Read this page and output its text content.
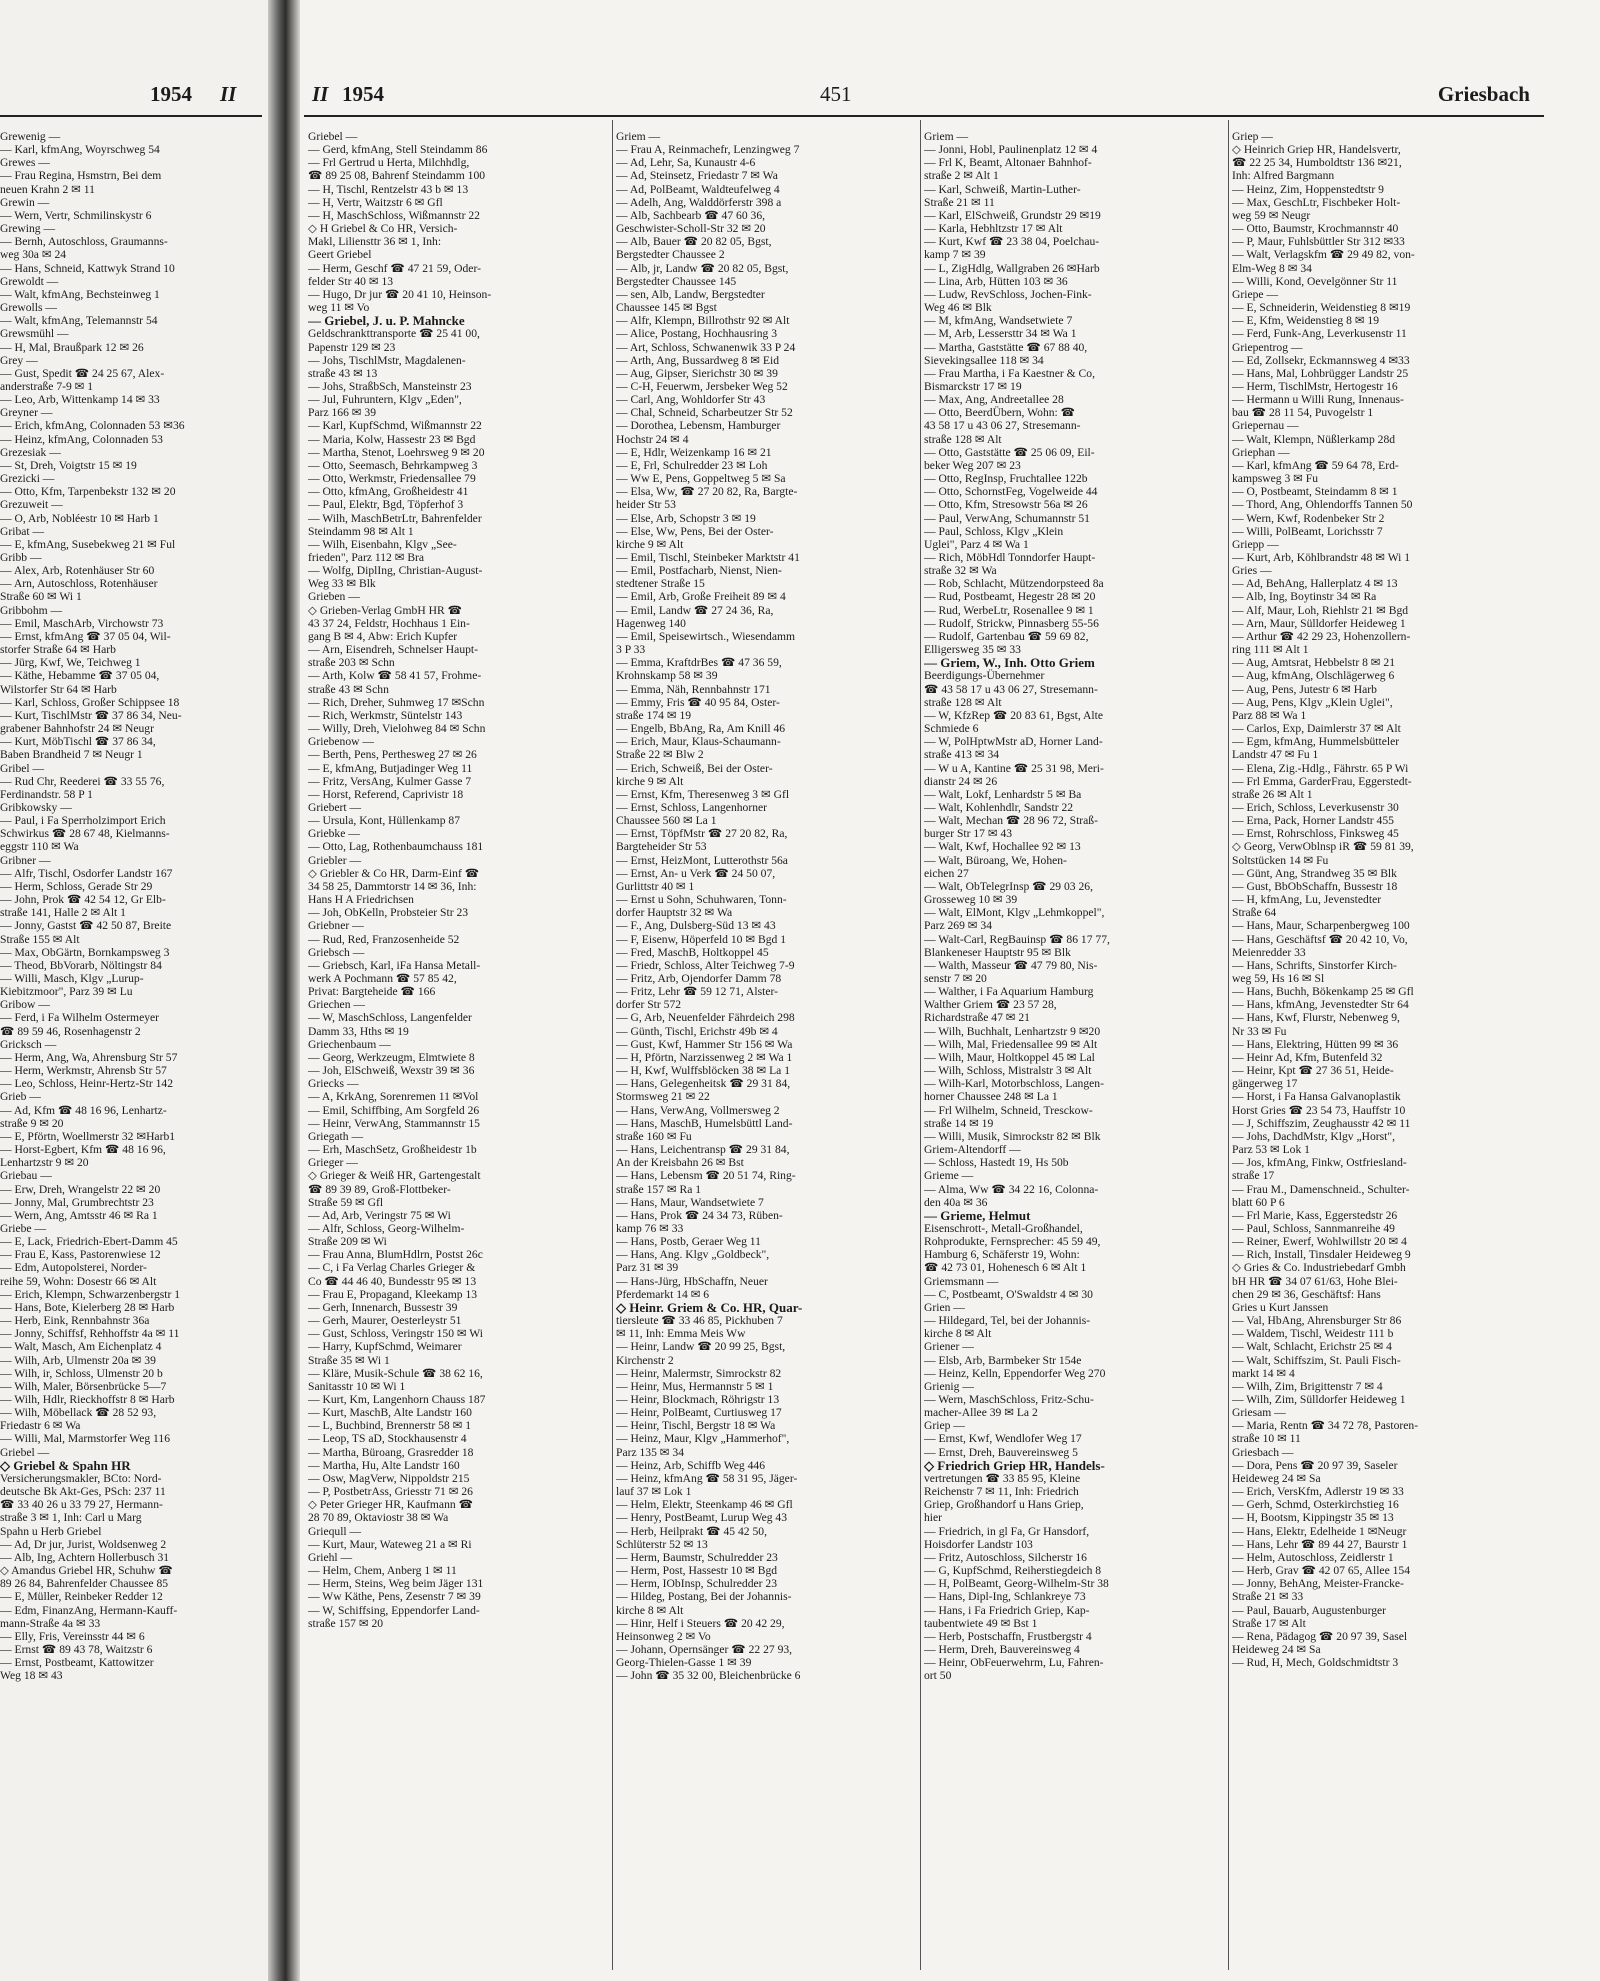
1954 II
Grewenig —
— Karl, kfmAng, Woyrschweg 54
Grewes —
— Frau Regina, Hsmstrn, Bei dem
neuen Krahn 2 ✉ 11
Grewin —
— Wern, Vertr, Schmilinskystr 6
Grewing —
— Bernh, Autoschloss, Graumanns-
weg 30a ✉ 24
— Hans, Schneid, Kattwyk Strand 10
Grewoldt —
— Walt, kfmAng, Bechsteinweg 1
Grewolls —
— Walt, kfmAng, Telemannstr 54
Grewsmühl —
— H, Mal, Braußpark 12 ✉ 26
Grey —
— Gust, Spedit ☎ 24 25 67, Alex-
anderstraße 7-9 ✉ 1
— Leo, Arb, Wittenkamp 14 ✉ 33
Greyner —
— Erich, kfmAng, Colonnaden 53 ✉36
— Heinz, kfmAng, Colonnaden 53
Grezesiak —
— St, Dreh, Voigtstr 15 ✉ 19
Grezicki —
— Otto, Kfm, Tarpenbekstr 132 ✉ 20
Grezuweit —
— O, Arb, Nobléestr 10 ✉ Harb 1
Gribat —
— E, kfmAng, Susebekweg 21 ✉ Ful
Gribb —
— Alex, Arb, Rotenhäuser Str 60
— Arn, Autoschloss, Rotenhäuser
Straße 60 ✉ Wi 1
Gribbohm —
— Emil, MaschArb, Virchowstr 73
— Ernst, kfmAng ☎ 37 05 04, Wil-
storfer Straße 64 ✉ Harb
— Jürg, Kwf, We, Teichweg 1
— Käthe, Hebamme ☎ 37 05 04,
Wilstorfer Str 64 ✉ Harb
— Karl, Schloss, Großer Schippsee 18
— Kurt, TischlMstr ☎ 37 86 34, Neu-
grabener Bahnhofstr 24 ✉ Neugr
— Kurt, MöbTischl ☎ 37 86 34,
Baben Brandheid 7 ✉ Neugr 1
Gribel —
— Rud Chr, Reederei ☎ 33 55 76,
Ferdinandstr. 58 P 1
Gribkowsky —
— Paul, i Fa Sperrholzimport Erich
Schwirkus ☎ 28 67 48, Kielmanns-
eggstr 110 ✉ Wa
Gribner —
— Alfr, Tischl, Osdorfer Landstr 167
— Herm, Schloss, Gerade Str 29
— John, Prok ☎ 42 54 12, Gr Elb-
straße 141, Halle 2 ✉ Alt 1
— Jonny, Gastst ☎ 42 50 87, Breite
Straße 155 ✉ Alt
— Max, ObGärtn, Bornkampsweg 3
— Theod, BbVorarb, Nöltingstr 84
— Willi, Masch, Klgv „Lurup-
Kiebitzmoor", Parz 39 ✉ Lu
Gribow —
— Ferd, i Fa Wilhelm Ostermeyer
☎ 89 59 46, Rosenhagenstr 2
Gricksch —
— Herm, Ang, Wa, Ahrensburg Str 57
— Herm, Werkmstr, Ahrensb Str 57
— Leo, Schloss, Heinr-Hertz-Str 142
Grieb —
— Ad, Kfm ☎ 48 16 96, Lenhartz-
straße 9 ✉ 20
— E, Pförtn, Woellmerstr 32 ✉Harb1
— Horst-Egbert, Kfm ☎ 48 16 96,
Lenhartzstr 9 ✉ 20
Griebau —
— Erw, Dreh, Wrangelstr 22 ✉ 20
— Jonny, Mal, Grumbrechtstr 23
— Wern, Ang, Amtsstr 46 ✉ Ra 1
Griebe —
— E, Lack, Friedrich-Ebert-Damm 45
— Frau E, Kass, Pastorenwiese 12
— Edm, Autopolsterei, Norder-
reihe 59, Wohn: Dosestr 66 ✉ Alt
— Erich, Klempn, Schwarzenbergstr 1
— Hans, Bote, Kielerberg 28 ✉ Harb
— Herb, Eink, Rennbahnstr 36a
— Jonny, Schiffsf, Rehhoffstr 4a ✉ 11
— Walt, Masch, Am Eichenplatz 4
— Wilh, Arb, Ulmenstr 20a ✉ 39
— Wilh, ir, Schloss, Ulmenstr 20 b
— Wilh, Maler, Börsenbrücke 5—7
— Wilh, Hdlr, Rieckhoffstr 8 ✉ Harb
— Wilh, Möbellack ☎ 28 52 93,
Friedastr 6 ✉ Wa
— Willi, Mal, Marmstorfer Weg 116
Griebel —
◇ Griebel & Spahn HR
Versicherungsmakler, BCto: Nord-
deutsche Bk Akt-Ges, PSch: 237 11
☎ 33 40 26 u 33 79 27, Hermann-
straße 3 ✉ 1, Inh: Carl u Marg
Spahn u Herb Griebel
— Ad, Dr jur, Jurist, Woldsenweg 2
— Alb, Ing, Achtern Hollerbusch 31
◇ Amandus Griebel HR, Schuhw ☎
89 26 84, Bahrenfelder Chaussee 85
— E, Müller, Reinbeker Redder 12
— Edm, FinanzAng, Hermann-Kauff-
mann-Straße 4a ✉ 33
— Elly, Fris, Vereinsstr 44 ✉ 6
— Ernst ☎ 89 43 78, Waitzstr 6
— Ernst, Postbeamt, Kattowitzer
Weg 18 ✉ 43
II 1954	451	Griesbach
Griebel —
— Gerd, kfmAng, Stell Steindamm 86
— Frl Gertrud u Herta, Milchhdlg,
☎ 89 25 08, Bahrenf Steindamm 100
— H, Tischl, Rentzelstr 43 b ✉ 13
— H, Vertr, Waitzstr 6 ✉ Gfl
— H, MaschSchloss, Wißmannstr 22
◇ H Griebel & Co HR, Versich-
Makl, Liliensttr 36 ✉ 1, Inh:
Geert Griebel
— Herm, Geschf ☎ 47 21 59, Oder-
felder Str 40 ✉ 13
— Hugo, Dr jur ☎ 20 41 10, Heinson-
weg 11 ✉ Vo
— Griebel, J. u. P. Mahncke
Geldschrankttransporte ☎ 25 41 00,
Papenstr 129 ✉ 23
— Johs, TischlMstr, Magdalenen-
straße 43 ✉ 13
— Johs, StraßbSch, Mansteinstr 23
— Jul, Fuhruntern, Klgv „Eden",
Parz 166 ✉ 39
— Karl, KupfSchmd, Wißmannstr 22
— Maria, Kolw, Hassestr 23 ✉ Bgd
— Martha, Stenot, Loehrsweg 9 ✉ 20
— Otto, Seemasch, Behrkampweg 3
— Otto, Werkmstr, Friedensallee 79
— Otto, kfmAng, Großheidestr 41
— Paul, Elektr, Bgd, Töpferhof 3
— Wilh, MaschBetrLtr, Bahrenfelder
Steindamm 98 ✉ Alt 1
— Wilh, Eisenbahn, Klgv „See-
frieden", Parz 112 ✉ Bra
— Wolfg, DiplIng, Christian-August-
Weg 33 ✉ Blk
Grieben —
◇ Grieben-Verlag GmbH HR ☎
43 37 24, Feldstr, Hochhaus 1 Ein-
gang B ✉ 4, Abw: Erich Kupfer
— Arn, Eisendreh, Schnelser Haupt-
straße 203 ✉ Schn
— Arth, Kolw ☎ 58 41 57, Frohme-
straße 43 ✉ Schn
— Rich, Dreher, Suhmweg 17 ✉Schn
— Rich, Werkmstr, Süntelstr 143
— Willy, Dreh, Vielohweg 84 ✉ Schn
Griebenow —
— Berth, Pens, Perthesweg 27 ✉ 26
— E, kfmAng, Butjadinger Weg 11
— Fritz, VersAng, Kulmer Gasse 7
— Horst, Referend, Caprivistr 18
Griebert —
— Ursula, Kont, Hüllenkamp 87
Griebke —
— Otto, Lag, Rothenbaumchauss 181
Griebler —
◇ Griebler & Co HR, Darm-Einf ☎
34 58 25, Dammtorstr 14 ✉ 36, Inh:
Hans H A Friedrichsen
— Joh, ObKelln, Probsteier Str 23
Griebner —
— Rud, Red, Franzosenheide 52
Griebsch —
— Griebsch, Karl, iFa Hansa Metall-
werk A Pochmann ☎ 57 85 42,
Privat: Bargteheide ☎ 166
Griechen —
— W, MaschSchloss, Langenfelder
Damm 33, Hths ✉ 19
Griechenbaum —
— Georg, Werkzeugm, Elmtwiete 8
— Joh, ElSchweiß, Wexstr 39 ✉ 36
Griecks —
— A, KrkAng, Sorenremen 11 ✉Vol
— Emil, Schiffbing, Am Sorgfeld 26
— Heinr, VerwAng, Stammannstr 15
Griegath —
— Erh, MaschSetz, Großheidestr 1b
Grieger —
◇ Grieger & Weiß HR, Gartengestalt
☎ 89 39 89, Groß-Flottbeker-
Straße 59 ✉ Gfl
— Ad, Arb, Veringstr 75 ✉ Wi
— Alfr, Schloss, Georg-Wilhelm-
Straße 209 ✉ Wi
— Frau Anna, BlumHdlrn, Postst 26c
— C, i Fa Verlag Charles Grieger &
Co ☎ 44 46 40, Bundesstr 95 ✉ 13
— Frau E, Propagand, Kleekamp 13
— Gerh, Innenarch, Bussestr 39
— Gerh, Maurer, Oesterleystr 51
— Gust, Schloss, Veringstr 150 ✉ Wi
— Harry, KupfSchmd, Weimarer
Straße 35 ✉ Wi 1
— Kläre, Musik-Schule ☎ 38 62 16,
Sanitasstr 10 ✉ Wi 1
— Kurt, Km, Langenhorn Chauss 187
— Kurt, MaschB, Alte Landstr 160
— L, Buchbind, Brennerstr 58 ✉ 1
— Leop, TS aD, Stockhausenstr 4
— Martha, Büroang, Grasredder 18
— Martha, Hu, Alte Landstr 160
— Osw, MagVerw, Nippoldstr 215
— P, PostbetrAss, Griesstr 71 ✉ 26
◇ Peter Grieger HR, Kaufmann ☎
28 70 89, Oktaviostr 38 ✉ Wa
Griequll —
— Kurt, Maur, Wateweg 21 a ✉ Ri
Griehl —
— Helm, Chem, Anberg 1 ✉ 11
— Herm, Steins, Weg beim Jäger 131
— Ww Käthe, Pens, Zesenstr 7 ✉ 39
— W, Schiffsing, Eppendorfer Land-
straße 157 ✉ 20
Griem —
— Frau A, Reinmachefr, Lenzingweg 7
— Ad, Lehr, Sa, Kunaustr 4-6
— Ad, Steinsetz, Friedastr 7 ✉ Wa
— Ad, PolBeamt, Waldteufelweg 4
— Adelh, Ang, Walddörferstr 398 a
— Alb, Sachbearb ☎ 47 60 36,
Geschwister-Scholl-Str 32 ✉ 20
— Alb, Bauer ☎ 20 82 05, Bgst,
Bergstedter Chaussee 2
— Alb, jr, Landw ☎ 20 82 05, Bgst,
Bergstedter Chaussee 145
— sen, Alb, Landw, Bergstedter
Chaussee 145 ✉ Bgst
— Alfr, Klempn, Billrothstr 92 ✉ Alt
— Alice, Postang, Hochhausring 3
— Art, Schloss, Schwanenwik 33 P 24
— Arth, Ang, Bussardweg 8 ✉ Eid
— Aug, Gipser, Sierichstr 30 ✉ 39
— C-H, Feuerwm, Jersbeker Weg 52
— Carl, Ang, Wohldorfer Str 43
— Chal, Schneid, Scharbeutzer Str 52
— Dorothea, Lebensm, Hamburger
Hochstr 24 ✉ 4
— E, Hdlr, Weizenkamp 16 ✉ 21
— E, Frl, Schulredder 23 ✉ Loh
— Ww E, Pens, Goppeltweg 5 ✉ Sa
— Elsa, Ww, ☎ 27 20 82, Ra, Bargte-
heider Str 53
— Else, Arb, Schopstr 3 ✉ 19
— Else, Ww, Pens, Bei der Oster-
kirche 9 ✉ Alt
— Emil, Tischl, Steinbeker Marktstr 41
— Emil, Postfacharb, Nienst, Nien-
stedtener Straße 15
— Emil, Arb, Große Freiheit 89 ✉ 4
— Emil, Landw ☎ 27 24 36, Ra,
Hagenweg 140
— Emil, Speisewirtsch., Wiesendamm
3 P 33
— Emma, KraftdrBes ☎ 47 36 59,
Krohnskamp 58 ✉ 39
— Emma, Näh, Rennbahnstr 171
— Emmy, Fris ☎ 40 95 84, Oster-
straße 174 ✉ 19
— Engelb, BbAng, Ra, Am Knill 46
— Erich, Maur, Klaus-Schaumann-
Straße 22 ✉ Blw 2
— Erich, Schweiß, Bei der Oster-
kirche 9 ✉ Alt
— Ernst, Kfm, Theresenweg 3 ✉ Gfl
— Ernst, Schloss, Langenhorner
Chaussee 560 ✉ La 1
— Ernst, TöpfMstr ☎ 27 20 82, Ra,
Bargteheider Str 53
— Ernst, HeizMont, Lutterothstr 56a
— Ernst, An- u Verk ☎ 24 50 07,
Gurlittstr 40 ✉ 1
— Ernst u Sohn, Schuhwaren, Tonn-
dorfer Hauptstr 32 ✉ Wa
— F., Ang, Dulsberg-Süd 13 ✉ 43
— F, Eisenw, Höperfeld 10 ✉ Bgd 1
— Fred, MaschB, Holtkoppel 45
— Friedr, Schloss, Alter Teichweg 7-9
— Fritz, Arb, Ojendorfer Damm 78
— Fritz, Lehr ☎ 59 12 71, Alster-
dorfer Str 572
— G, Arb, Neuenfelder Fährdeich 298
— Günth, Tischl, Erichstr 49b ✉ 4
— Gust, Kwf, Hammer Str 156 ✉ Wa
— H, Pförtn, Narzissenweg 2 ✉ Wa 1
— H, Kwf, Wulffsblöcken 38 ✉ La 1
— Hans, Gelegenheitsk ☎ 29 31 84,
Stormsweg 21 ✉ 22
— Hans, VerwAng, Vollmersweg 2
— Hans, MaschB, Humelsbüttl Land-
straße 160 ✉ Fu
— Hans, Leichentransp ☎ 29 31 84,
An der Kreisbahn 26 ✉ Bst
— Hans, Lebensm ☎ 20 51 74, Ring-
straße 157 ✉ Ra 1
— Hans, Maur, Wandsetwiete 7
— Hans, Prok ☎ 24 34 73, Rüben-
kamp 76 ✉ 33
— Hans, Postb, Geraer Weg 11
— Hans, Ang. Klgv „Goldbeck",
Parz 31 ✉ 39
— Hans-Jürg, HbSchaffn, Neuer
Pferdemarkt 14 ✉ 6
◇ Heinr. Griem & Co. HR, Quar-
tiersleute ☎ 33 46 85, Pickhuben 7
✉ 11, Inh: Emma Meis Ww
— Heinr, Landw ☎ 20 99 25, Bgst,
Kirchenstr 2
— Heinr, Malermstr, Simrockstr 82
— Heinr, Mus, Hermannstr 5 ✉ 1
— Heinr, Blockmach, Röhrigstr 13
— Heinr, PolBeamt, Curtiusweg 17
— Heinr, Tischl, Bergstr 18 ✉ Wa
— Heinz, Maur, Klgv „Hammerhof",
Parz 135 ✉ 34
— Heinz, Arb, Schiffb Weg 446
— Heinz, kfmAng ☎ 58 31 95, Jäger-
lauf 37 ✉ Lok 1
— Helm, Elektr, Steenkamp 46 ✉ Gfl
— Henry, PostBeamt, Lurup Weg 43
— Herb, Heilprakt ☎ 45 42 50,
Schlüterstr 52 ✉ 13
— Herm, Baumstr, Schulredder 23
— Herm, Post, Hassestr 10 ✉ Bgd
— Herm, IObInsp, Schulredder 23
— Hildeg, Postang, Bei der Johannis-
kirche 8 ✉ Alt
— Hinr, Helf i Steuers ☎ 20 42 29,
Heinsonweg 2 ✉ Vo
— Johann, Opernsänger ☎ 22 27 93,
Georg-Thielen-Gasse 1 ✉ 39
— John ☎ 35 32 00, Bleichenbrücke 6
Griem —
— Jonni, Hobl, Paulinenplatz 12 ✉ 4
— Frl K, Beamt, Altonaer Bahnhof-
straße 2 ✉ Alt 1
— Karl, Schweiß, Martin-Luther-
Straße 21 ✉ 11
— Karl, ElSchweiß, Grundstr 29 ✉19
— Karla, Hebhltzstr 17 ✉ Alt
— Kurt, Kwf ☎ 23 38 04, Poelchau-
kamp 7 ✉ 39
— L, ZigHdlg, Wallgraben 26 ✉Harb
— Lina, Arb, Hütten 103 ✉ 36
— Ludw, RevSchloss, Jochen-Fink-
Weg 46 ✉ Blk
— M, kfmAng, Wandsetwiete 7
— M, Arb, Lessersttr 34 ✉ Wa 1
— Martha, Gaststätte ☎ 67 88 40,
Sievekingsallee 118 ✉ 34
— Frau Martha, i Fa Kaestner & Co,
Bismarckstr 17 ✉ 19
— Max, Ang, Andreetallee 28
— Otto, BeerdÜbern, Wohn: ☎
43 58 17 u 43 06 27, Stresemann-
straße 128 ✉ Alt
— Otto, Gaststätte ☎ 25 06 09, Eil-
beker Weg 207 ✉ 23
— Otto, RegInsp, Fruchtallee 122b
— Otto, SchornstFeg, Vogelweide 44
— Otto, Kfm, Stresowstr 56a ✉ 26
— Paul, VerwAng, Schumannstr 51
— Paul, Schloss, Klgv „Klein
Uglei", Parz 4 ✉ Wa 1
— Rich, MöbHdl Tonndorfer Haupt-
straße 32 ✉ Wa
— Rob, Schlacht, Mützendorpsteed 8a
— Rud, Postbeamt, Hegestr 28 ✉ 20
— Rud, WerbeLtr, Rosenallee 9 ✉ 1
— Rudolf, Strickw, Pinnasberg 55-56
— Rudolf, Gartenbau ☎ 59 69 82,
Elligersweg 35 ✉ 33
— Griem, W., Inh. Otto Griem
Beerdigungs-Übernehmer
☎ 43 58 17 u 43 06 27, Stresemann-
straße 128 ✉ Alt
— W, KfzRep ☎ 20 83 61, Bgst, Alte
Schmiede 6
— W, PolHptwMstr aD, Horner Land-
straße 413 ✉ 34
— W u A, Kantine ☎ 25 31 98, Meri-
dianstr 24 ✉ 26
— Walt, Lokf, Lenhardstr 5 ✉ Ba
— Walt, Kohlenhdlr, Sandstr 22
— Walt, Mechan ☎ 28 96 72, Straß-
burger Str 17 ✉ 43
— Walt, Kwf, Hochallee 92 ✉ 13
— Walt, Büroang, We, Hohen-
eichen 27
— Walt, ObTelegrInsp ☎ 29 03 26,
Grosseweg 10 ✉ 39
— Walt, ElMont, Klgv „Lehmkoppel",
Parz 269 ✉ 34
— Walt-Carl, RegBauinsp ☎ 86 17 77,
Blankeneser Hauptstr 95 ✉ Blk
— Walth, Masseur ☎ 47 79 80, Nis-
senstr 7 ✉ 20
— Walther, i Fa Aquarium Hamburg
Walther Griem ☎ 23 57 28,
Richardstraße 47 ✉ 21
— Wilh, Buchhalt, Lenhartzstr 9 ✉20
— Wilh, Mal, Friedensallee 99 ✉ Alt
— Wilh, Maur, Holtkoppel 45 ✉ Lal
— Wilh, Schloss, Mistralstr 3 ✉ Alt
— Wilh-Karl, Motorbschloss, Langen-
horner Chaussee 248 ✉ La 1
— Frl Wilhelm, Schneid, Tresckow-
straße 14 ✉ 19
— Willi, Musik, Simrockstr 82 ✉ Blk
Griem-Altendorff —
— Schloss, Hastedt 19, Hs 50b
Grieme —
— Alma, Ww ☎ 34 22 16, Colonna-
den 40a ✉ 36
— Grieme, Helmut
Eisenschrott-, Metall-Großhandel,
Rohprodukte, Fernsprecher: 45 59 49,
Hamburg 6, Schäferstr 19, Wohn:
☎ 42 73 01, Hohenesch 6 ✉ Alt 1
Griemsmann —
— C, Postbeamt, O'Swaldstr 4 ✉ 30
Grien —
— Hildegard, Tel, bei der Johannis-
kirche 8 ✉ Alt
Griener —
— Elsb, Arb, Barmbeker Str 154e
— Heinz, Kelln, Eppendorfer Weg 270
Grienig —
— Wern, MaschSchloss, Fritz-Schu-
macher-Allee 39 ✉ La 2
Griep —
— Ernst, Kwf, Wendlofer Weg 17
— Ernst, Dreh, Bauvereinsweg 5
◇ Friedrich Griep HR, Handels-
vertretungen ☎ 33 85 95, Kleine
Reichenstr 7 ✉ 11, Inh: Friedrich
Griep, Großhandorf u Hans Griep,
hier
— Friedrich, in gl Fa, Gr Hansdorf,
Hoisdorfer Landstr 103
— Fritz, Autoschloss, Silcherstr 16
— G, KupfSchmd, Reiherstiegdeich 8
— H, PolBeamt, Georg-Wilhelm-Str 38
— Hans, Dipl-Ing, Schlankreye 73
— Hans, i Fa Friedrich Griep, Kap-
taubentwiete 49 ✉ Bst 1
— Herb, Postschaffn, Frustbergstr 4
— Herm, Dreh, Bauvereinsweg 4
— Heinr, ObFeuerwehrm, Lu, Fahren-
ort 50
Griep —
◇ Heinrich Griep HR, Handelsvertr,
☎ 22 25 34, Humboldtstr 136 ✉21,
Inh: Alfred Bargmann
— Heinz, Zim, Hoppenstedtstr 9
— Max, GeschLtr, Fischbeker Holt-
weg 59 ✉ Neugr
— Otto, Baumstr, Krochmannstr 40
— P, Maur, Fuhlsbüttler Str 312 ✉33
— Walt, Verlagskfm ☎ 29 49 82, von-
Elm-Weg 8 ✉ 34
— Willi, Kond, Oevelgönner Str 11
Griepe —
— E, Schneiderin, Weidenstieg 8 ✉19
— E, Kfm, Weidenstieg 8 ✉ 19
— Ferd, Funk-Ang, Leverkusenstr 11
Griepentrog —
— Ed, Zollsekr, Eckmannsweg 4 ✉33
— Hans, Mal, Lohbrügger Landstr 25
— Herm, TischlMstr, Hertogestr 16
— Hermann u Willi Rung, Innenaus-
bau ☎ 28 11 54, Puvogelstr 1
Griepernau —
— Walt, Klempn, Nüßlerkamp 28d
Griephan —
— Karl, kfmAng ☎ 59 64 78, Erd-
kampsweg 3 ✉ Fu
— O, Postbeamt, Steindamm 8 ✉ 1
— Thord, Ang, Ohlendorffs Tannen 50
— Wern, Kwf, Rodenbeker Str 2
— Willi, PolBeamt, Lorichsstr 7
Griepp —
— Kurt, Arb, Köhlbrandstr 48 ✉ Wi 1
Gries —
— Ad, BehAng, Hallerplatz 4 ✉ 13
— Alb, Ing, Boytinstr 34 ✉ Ra
— Alf, Maur, Loh, Riehlstr 21 ✉ Bgd
— Arn, Maur, Sülldorfer Heideweg 1
— Arthur ☎ 42 29 23, Hohenzollern-
ring 111 ✉ Alt 1
— Aug, Amtsrat, Hebbelstr 8 ✉ 21
— Aug, kfmAng, Olschlägerweg 6
— Aug, Pens, Jutestr 6 ✉ Harb
— Aug, Pens, Klgv „Klein Uglei",
Parz 88 ✉ Wa 1
— Carlos, Exp, Daimlerstr 37 ✉ Alt
— Egm, kfmAng, Hummelsbütteler
Landstr 47 ✉ Fu 1
— Elena, Zig.-Hdlg., Fährstr. 65 P Wi
— Frl Emma, GarderFrau, Eggerstedt-
straße 26 ✉ Alt 1
— Erich, Schloss, Leverkusenstr 30
— Erna, Pack, Horner Landstr 455
— Ernst, Rohrschloss, Finksweg 45
◇ Georg, VerwOblnsp iR ☎ 59 81 39,
Soltstücken 14 ✉ Fu
— Günt, Ang, Strandweg 35 ✉ Blk
— Gust, BbObSchaffn, Bussestr 18
— H, kfmAng, Lu, Jevenstedter
Straße 64
— Hans, Maur, Scharpenbergweg 100
— Hans, Geschäftsf ☎ 20 42 10, Vo,
Meienredder 33
— Hans, Schrifts, Sinstorfer Kirch-
weg 59, Hs 16 ✉ Sl
— Hans, Buchh, Bökenkamp 25 ✉ Gfl
— Hans, kfmAng, Jevenstedter Str 64
— Hans, Kwf, Flurstr, Nebenweg 9,
Nr 33 ✉ Fu
— Hans, Elektring, Hütten 99 ✉ 36
— Heinr Ad, Kfm, Butenfeld 32
— Heinr, Kpt ☎ 27 36 51, Heide-
gängerweg 17
— Horst, i Fa Hansa Galvanoplastik
Horst Gries ☎ 23 54 73, Hauffstr 10
— J, Schiffszim, Zeughausstr 42 ✉ 11
— Johs, DachdMstr, Klgv „Horst",
Parz 53 ✉ Lok 1
— Jos, kfmAng, Finkw, Ostfriesland-
straße 17
— Frau M., Damenschneid., Schulter-
blatt 60 P 6
— Frl Marie, Kass, Eggerstedstr 26
— Paul, Schloss, Sannmanreihe 49
— Reiner, Ewerf, Wohlwillstr 20 ✉ 4
— Rich, Install, Tinsdaler Heideweg 9
◇ Gries & Co. Industriebedarf Gmbh
bH HR ☎ 34 07 61/63, Hohe Blei-
chen 29 ✉ 36, Geschäftsf: Hans
Gries u Kurt Janssen
— Val, HbAng, Ahrensburger Str 86
— Waldem, Tischl, Weidestr 111 b
— Walt, Schlacht, Erichstr 25 ✉ 4
— Walt, Schiffszim, St. Pauli Fisch-
markt 14 ✉ 4
— Wilh, Zim, Brigittenstr 7 ✉ 4
— Wilh, Zim, Sülldorfer Heideweg 1
Griesam —
— Maria, Rentn ☎ 34 72 78, Pastoren-
straße 10 ✉ 11
Griesbach —
— Dora, Pens ☎ 20 97 39, Saseler
Heideweg 24 ✉ Sa
— Erich, VersKfm, Adlerstr 19 ✉ 33
— Gerh, Schmd, Osterkirchstieg 16
— H, Bootsm, Kippingstr 35 ✉ 13
— Hans, Elektr, Edelheide 1 ✉Neugr
— Hans, Lehr ☎ 89 44 27, Baurstr 1
— Helm, Autoschloss, Zeidlerstr 1
— Herb, Grav ☎ 42 07 65, Allee 154
— Jonny, BehAng, Meister-Francke-
Straße 21 ✉ 33
— Paul, Bauarb, Augustenburger
Straße 17 ✉ Alt
— Rena, Pädagog ☎ 20 97 39, Sasel
Heideweg 24 ✉ Sa
— Rud, H, Mech, Goldschmidtstr 3
